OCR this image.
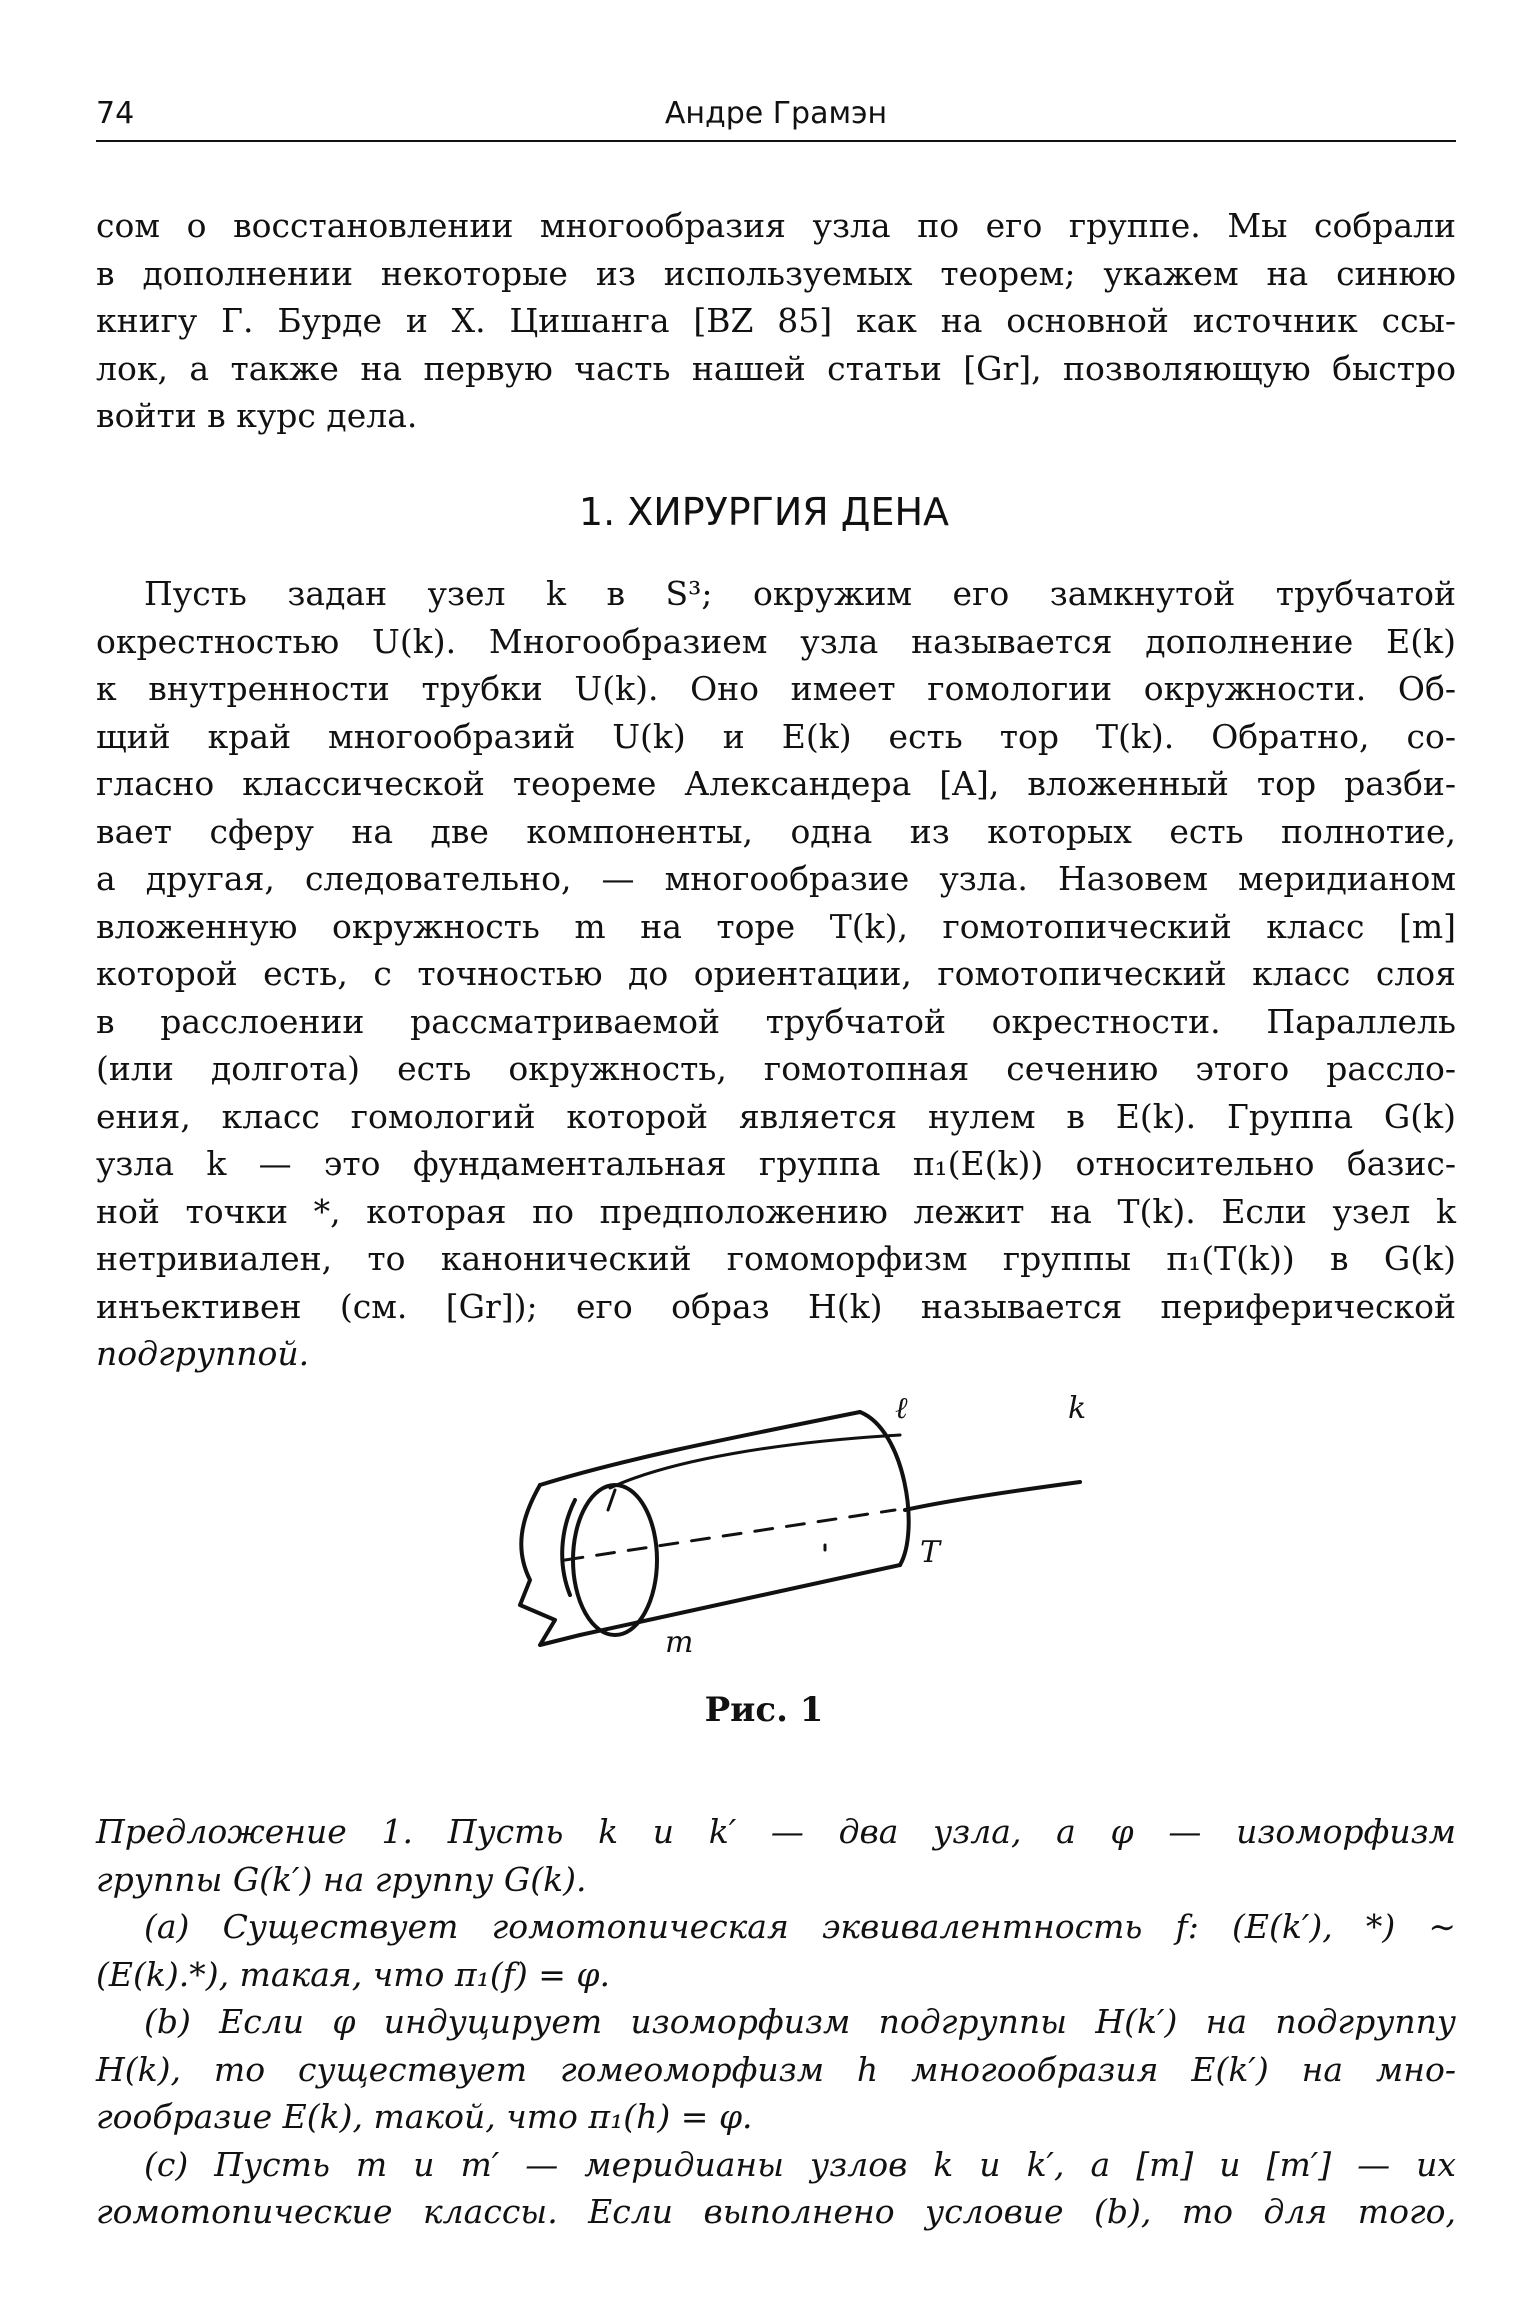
74	Андре Грамэн
сом о восстановлении многообразия узла по его группе. Мы собрали
в дополнении некоторые из используемых теорем; укажем на синюю
книгу Г. Бурде и Х. Цишанга [BZ 85] как на основной источник ссы-
лок, а также на первую часть нашей статьи [Gr], позволяющую быстро
войти в курс дела.
1. ХИРУРГИЯ ДЕНА
Пусть задан узел k в S³; окружим его замкнутой трубчатой
окрестностью U(k). Многообразием узла называется дополнение E(k)
к внутренности трубки U(k). Оно имеет гомологии окружности. Об-
щий край многообразий U(k) и E(k) есть тор T(k). Обратно, со-
гласно классической теореме Александера [A], вложенный тор разби-
вает сферу на две компоненты, одна из которых есть полнотие,
а другая, следовательно, — многообразие узла. Назовем меридианом
вложенную окружность m на торе T(k), гомотопический класс [m]
которой есть, с точностью до ориентации, гомотопический класс слоя
в расслоении рассматриваемой трубчатой окрестности. Параллель
(или долгота) есть окружность, гомотопная сечению этого рассло-
ения, класс гомологий которой является нулем в E(k). Группа G(k)
узла k — это фундаментальная группа π₁(E(k)) относительно базис-
ной точки *, которая по предположению лежит на T(k). Если узел k
нетривиален, то канонический гомоморфизм группы π₁(T(k)) в G(k)
инъективен (см. [Gr]); его образ H(k) называется периферической
подгруппой.
ℓ	k
T
m
Рис. 1
Предложение 1. Пусть k и k′ — два узла, а φ — изоморфизм
группы G(k′) на группу G(k).
(a) Существует гомотопическая эквивалентность f: (E(k′), *) ∼
(E(k).*), такая, что π₁(f) = φ.
(b) Если φ индуцирует изоморфизм подгруппы H(k′) на подгруппу
H(k), то существует гомеоморфизм h многообразия E(k′) на мно-
гообразие E(k), такой, что π₁(h) = φ.
(c) Пусть m и m′ — меридианы узлов k и k′, а [m] и [m′] — их
гомотопические классы. Если выполнено условие (b), то для того,
